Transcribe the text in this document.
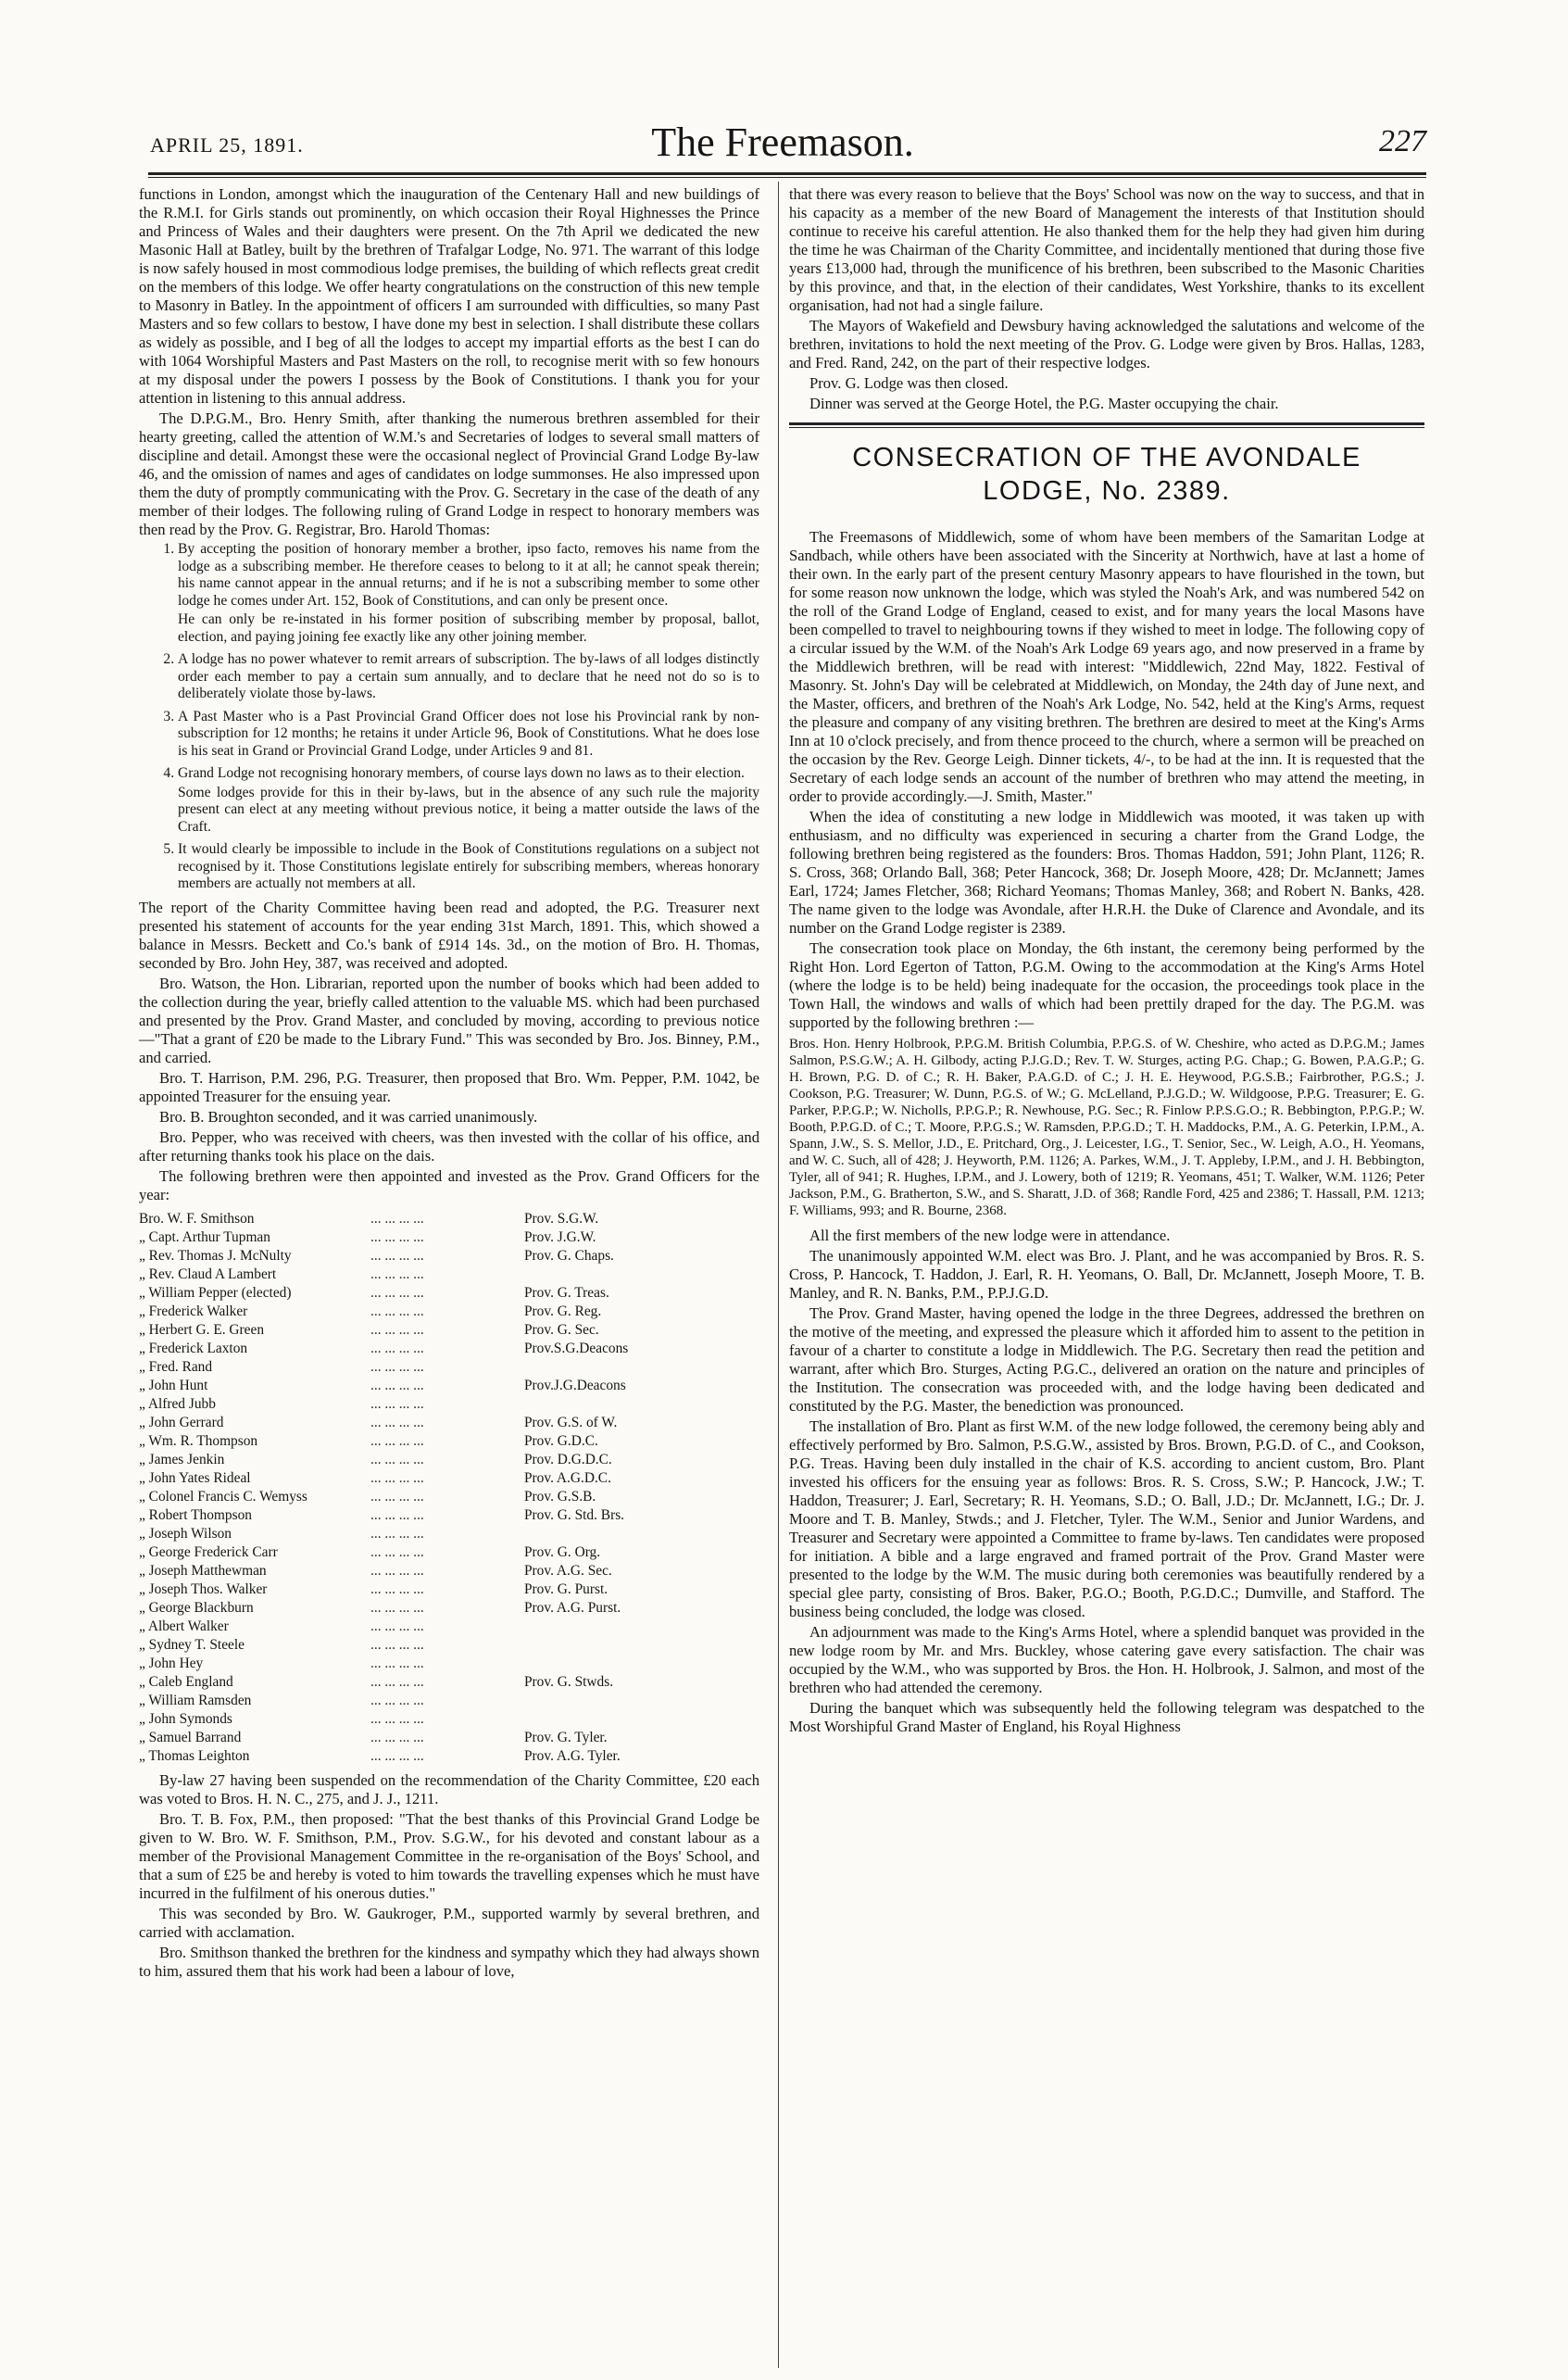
APRIL 25, 1891.	The Freemason.	227

functions in London, amongst which the inauguration of the Centenary Hall and new buildings of the R.M.I. for Girls stands out prominently, on which occasion their Royal Highnesses the Prince and Princess of Wales and their daughters were present. On the 7th April we dedicated the new Masonic Hall at Batley, built by the brethren of Trafalgar Lodge, No. 971. The warrant of this lodge is now safely housed in most commodious lodge premises, the building of which reflects great credit on the members of this lodge. We offer hearty congratulations on the construction of this new temple to Masonry in Batley. In the appointment of officers I am surrounded with difficulties, so many Past Masters and so few collars to bestow, I have done my best in selection. I shall distribute these collars as widely as possible, and I beg of all the lodges to accept my impartial efforts as the best I can do with 1064 Worshipful Masters and Past Masters on the roll, to recognise merit with so few honours at my disposal under the powers I possess by the Book of Constitutions. I thank you for your attention in listening to this annual address.

The D.P.G.M., Bro. Henry Smith, after thanking the numerous brethren assembled for their hearty greeting, called the attention of W.M.'s and Secretaries of lodges to several small matters of discipline and detail. Amongst these were the occasional neglect of Provincial Grand Lodge By-law 46, and the omission of names and ages of candidates on lodge summonses. He also impressed upon them the duty of promptly communicating with the Prov. G. Secretary in the case of the death of any member of their lodges. The following ruling of Grand Lodge in respect to honorary members was then read by the Prov. G. Registrar, Bro. Harold Thomas:

1. By accepting the position of honorary member a brother, ipso facto, removes his name from the lodge as a subscribing member. He therefore ceases to belong to it at all; he cannot speak therein; his name cannot appear in the annual returns; and if he is not a subscribing member to some other lodge he comes under Art. 152, Book of Constitutions, and can only be present once.
He can only be re-instated in his former position of subscribing member by proposal, ballot, election, and paying joining fee exactly like any other joining member.
2. A lodge has no power whatever to remit arrears of subscription. The by-laws of all lodges distinctly order each member to pay a certain sum annually, and to declare that he need not do so is to deliberately violate those by-laws.
3. A Past Master who is a Past Provincial Grand Officer does not lose his Provincial rank by non-subscription for 12 months; he retains it under Article 96, Book of Constitutions. What he does lose is his seat in Grand or Provincial Grand Lodge, under Articles 9 and 81.
4. Grand Lodge not recognising honorary members, of course lays down no laws as to their election.
Some lodges provide for this in their by-laws, but in the absence of any such rule the majority present can elect at any meeting without previous notice, it being a matter outside the laws of the Craft.
5. It would clearly be impossible to include in the Book of Constitutions regulations on a subject not recognised by it. Those Constitutions legislate entirely for subscribing members, whereas honorary members are actually not members at all.

The report of the Charity Committee having been read and adopted, the P.G. Treasurer next presented his statement of accounts for the year ending 31st March, 1891. This, which showed a balance in Messrs. Beckett and Co.'s bank of £914 14s. 3d., on the motion of Bro. H. Thomas, seconded by Bro. John Hey, 387, was received and adopted.

Bro. Watson, the Hon. Librarian, reported upon the number of books which had been added to the collection during the year, briefly called attention to the valuable MS. which had been purchased and presented by the Prov. Grand Master, and concluded by moving, according to previous notice—"That a grant of £20 be made to the Library Fund." This was seconded by Bro. Jos. Binney, P.M., and carried.

Bro. T. Harrison, P.M. 296, P.G. Treasurer, then proposed that Bro. Wm. Pepper, P.M. 1042, be appointed Treasurer for the ensuing year.

Bro. B. Broughton seconded, and it was carried unanimously.

Bro. Pepper, who was received with cheers, was then invested with the collar of his office, and after returning thanks took his place on the dais.

The following brethren were then appointed and invested as the Prov. Grand Officers for the year:

Bro. W. F. Smithson	... ... ... ...	Prov. S.G.W.
„ Capt. Arthur Tupman	... ... ... ...	Prov. J.G.W.
„ Rev. Thomas J. McNulty	... ... ... ...	Prov. G. Chaps.
„ Rev. Claud A Lambert	... ... ... ...
„ William Pepper (elected)	... ... ... ...	Prov. G. Treas.
„ Frederick Walker	... ... ... ...	Prov. G. Reg.
„ Herbert G. E. Green	... ... ... ...	Prov. G. Sec.
„ Frederick Laxton	... ... ... ...	Prov.S.G.Deacons
„ Fred. Rand	... ... ... ...
„ John Hunt	... ... ... ...	Prov.J.G.Deacons
„ Alfred Jubb	... ... ... ...
„ John Gerrard	... ... ... ...	Prov. G.S. of W.
„ Wm. R. Thompson	... ... ... ...	Prov. G.D.C.
„ James Jenkin	... ... ... ...	Prov. D.G.D.C.
„ John Yates Rideal	... ... ... ...	Prov. A.G.D.C.
„ Colonel Francis C. Wemyss	... ... ... ...	Prov. G.S.B.
„ Robert Thompson	... ... ... ...	Prov. G. Std. Brs.
„ Joseph Wilson	... ... ... ...
„ George Frederick Carr	... ... ... ...	Prov. G. Org.
„ Joseph Matthewman	... ... ... ...	Prov. A.G. Sec.
„ Joseph Thos. Walker	... ... ... ...	Prov. G. Purst.
„ George Blackburn	... ... ... ...	Prov. A.G. Purst.
„ Albert Walker	... ... ... ...
„ Sydney T. Steele	... ... ... ...
„ John Hey	... ... ... ...
„ Caleb England	... ... ... ...	Prov. G. Stwds.
„ William Ramsden	... ... ... ...
„ John Symonds	... ... ... ...
„ Samuel Barrand	... ... ... ...	Prov. G. Tyler.
„ Thomas Leighton	... ... ... ...	Prov. A.G. Tyler.

By-law 27 having been suspended on the recommendation of the Charity Committee, £20 each was voted to Bros. H. N. C., 275, and J. J., 1211.

Bro. T. B. Fox, P.M., then proposed: "That the best thanks of this Provincial Grand Lodge be given to W. Bro. W. F. Smithson, P.M., Prov. S.G.W., for his devoted and constant labour as a member of the Provisional Management Committee in the re-organisation of the Boys' School, and that a sum of £25 be and hereby is voted to him towards the travelling expenses which he must have incurred in the fulfilment of his onerous duties."

This was seconded by Bro. W. Gaukroger, P.M., supported warmly by several brethren, and carried with acclamation.

Bro. Smithson thanked the brethren for the kindness and sympathy which they had always shown to him, assured them that his work had been a labour of love,

that there was every reason to believe that the Boys' School was now on the way to success, and that in his capacity as a member of the new Board of Management the interests of that Institution should continue to receive his careful attention. He also thanked them for the help they had given him during the time he was Chairman of the Charity Committee, and incidentally mentioned that during those five years £13,000 had, through the munificence of his brethren, been subscribed to the Masonic Charities by this province, and that, in the election of their candidates, West Yorkshire, thanks to its excellent organisation, had not had a single failure.

The Mayors of Wakefield and Dewsbury having acknowledged the salutations and welcome of the brethren, invitations to hold the next meeting of the Prov. G. Lodge were given by Bros. Hallas, 1283, and Fred. Rand, 242, on the part of their respective lodges.

Prov. G. Lodge was then closed.

Dinner was served at the George Hotel, the P.G. Master occupying the chair.

CONSECRATION OF THE AVONDALE
LODGE, No. 2389.

The Freemasons of Middlewich, some of whom have been members of the Samaritan Lodge at Sandbach, while others have been associated with the Sincerity at Northwich, have at last a home of their own. In the early part of the present century Masonry appears to have flourished in the town, but for some reason now unknown the lodge, which was styled the Noah's Ark, and was numbered 542 on the roll of the Grand Lodge of England, ceased to exist, and for many years the local Masons have been compelled to travel to neighbouring towns if they wished to meet in lodge. The following copy of a circular issued by the W.M. of the Noah's Ark Lodge 69 years ago, and now preserved in a frame by the Middlewich brethren, will be read with interest: "Middlewich, 22nd May, 1822. Festival of Masonry. St. John's Day will be celebrated at Middlewich, on Monday, the 24th day of June next, and the Master, officers, and brethren of the Noah's Ark Lodge, No. 542, held at the King's Arms, request the pleasure and company of any visiting brethren. The brethren are desired to meet at the King's Arms Inn at 10 o'clock precisely, and from thence proceed to the church, where a sermon will be preached on the occasion by the Rev. George Leigh. Dinner tickets, 4/-, to be had at the inn. It is requested that the Secretary of each lodge sends an account of the number of brethren who may attend the meeting, in order to provide accordingly.—J. Smith, Master."

When the idea of constituting a new lodge in Middlewich was mooted, it was taken up with enthusiasm, and no difficulty was experienced in securing a charter from the Grand Lodge, the following brethren being registered as the founders: Bros. Thomas Haddon, 591; John Plant, 1126; R. S. Cross, 368; Orlando Ball, 368; Peter Hancock, 368; Dr. Joseph Moore, 428; Dr. McJannett; James Earl, 1724; James Fletcher, 368; Richard Yeomans; Thomas Manley, 368; and Robert N. Banks, 428. The name given to the lodge was Avondale, after H.R.H. the Duke of Clarence and Avondale, and its number on the Grand Lodge register is 2389.

The consecration took place on Monday, the 6th instant, the ceremony being performed by the Right Hon. Lord Egerton of Tatton, P.G.M. Owing to the accommodation at the King's Arms Hotel (where the lodge is to be held) being inadequate for the occasion, the proceedings took place in the Town Hall, the windows and walls of which had been prettily draped for the day. The P.G.M. was supported by the following brethren :—

Bros. Hon. Henry Holbrook, P.P.G.M. British Columbia, P.P.G.S. of W. Cheshire, who acted as D.P.G.M.; James Salmon, P.S.G.W.; A. H. Gilbody, acting P.J.G.D.; Rev. T. W. Sturges, acting P.G. Chap.; G. Bowen, P.A.G.P.; G. H. Brown, P.G. D. of C.; R. H. Baker, P.A.G.D. of C.; J. H. E. Heywood, P.G.S.B.; Fairbrother, P.G.S.; J. Cookson, P.G. Treasurer; W. Dunn, P.G.S. of W.; G. McLelland, P.J.G.D.; W. Wildgoose, P.P.G. Treasurer; E. G. Parker, P.P.G.P.; W. Nicholls, P.P.G.P.; R. Newhouse, P.G. Sec.; R. Finlow P.P.S.G.O.; R. Bebbington, P.P.G.P.; W. Booth, P.P.G.D. of C.; T. Moore, P.P.G.S.; W. Ramsden, P.P.G.D.; T. H. Maddocks, P.M., A. G. Peterkin, I.P.M., A. Spann, J.W., S. S. Mellor, J.D., E. Pritchard, Org., J. Leicester, I.G., T. Senior, Sec., W. Leigh, A.O., H. Yeomans, and W. C. Such, all of 428; J. Heyworth, P.M. 1126; A. Parkes, W.M., J. T. Appleby, I.P.M., and J. H. Bebbington, Tyler, all of 941; R. Hughes, I.P.M., and J. Lowery, both of 1219; R. Yeomans, 451; T. Walker, W.M. 1126; Peter Jackson, P.M., G. Bratherton, S.W., and S. Sharatt, J.D. of 368; Randle Ford, 425 and 2386; T. Hassall, P.M. 1213; F. Williams, 993; and R. Bourne, 2368.

All the first members of the new lodge were in attendance.

The unanimously appointed W.M. elect was Bro. J. Plant, and he was accompanied by Bros. R. S. Cross, P. Hancock, T. Haddon, J. Earl, R. H. Yeomans, O. Ball, Dr. McJannett, Joseph Moore, T. B. Manley, and R. N. Banks, P.M., P.P.J.G.D.

The Prov. Grand Master, having opened the lodge in the three Degrees, addressed the brethren on the motive of the meeting, and expressed the pleasure which it afforded him to assent to the petition in favour of a charter to constitute a lodge in Middlewich. The P.G. Secretary then read the petition and warrant, after which Bro. Sturges, Acting P.G.C., delivered an oration on the nature and principles of the Institution. The consecration was proceeded with, and the lodge having been dedicated and constituted by the P.G. Master, the benediction was pronounced.

The installation of Bro. Plant as first W.M. of the new lodge followed, the ceremony being ably and effectively performed by Bro. Salmon, P.S.G.W., assisted by Bros. Brown, P.G.D. of C., and Cookson, P.G. Treas. Having been duly installed in the chair of K.S. according to ancient custom, Bro. Plant invested his officers for the ensuing year as follows: Bros. R. S. Cross, S.W.; P. Hancock, J.W.; T. Haddon, Treasurer; J. Earl, Secretary; R. H. Yeomans, S.D.; O. Ball, J.D.; Dr. McJannett, I.G.; Dr. J. Moore and T. B. Manley, Stwds.; and J. Fletcher, Tyler. The W.M., Senior and Junior Wardens, and Treasurer and Secretary were appointed a Committee to frame by-laws. Ten candidates were proposed for initiation. A bible and a large engraved and framed portrait of the Prov. Grand Master were presented to the lodge by the W.M. The music during both ceremonies was beautifully rendered by a special glee party, consisting of Bros. Baker, P.G.O.; Booth, P.G.D.C.; Dumville, and Stafford. The business being concluded, the lodge was closed.

An adjournment was made to the King's Arms Hotel, where a splendid banquet was provided in the new lodge room by Mr. and Mrs. Buckley, whose catering gave every satisfaction. The chair was occupied by the W.M., who was supported by Bros. the Hon. H. Holbrook, J. Salmon, and most of the brethren who had attended the ceremony.

During the banquet which was subsequently held the following telegram was despatched to the Most Worshipful Grand Master of England, his Royal Highness
